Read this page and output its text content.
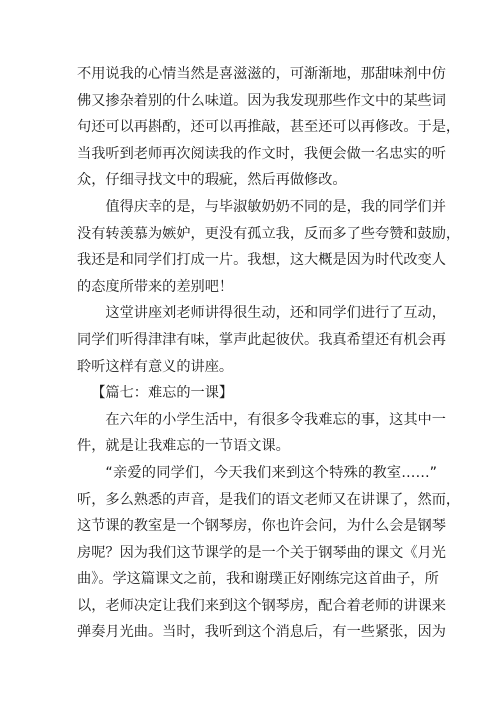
不用说我的心情当然是喜滋滋的，可渐渐地，那甜味剂中仿
佛又掺杂着别的什么味道。因为我发现那些作文中的某些词
句还可以再斟酌，还可以再推敲，甚至还可以再修改。于是，
当我听到老师再次阅读我的作文时，我便会做一名忠实的听
众，仔细寻找文中的瑕疵，然后再做修改。
值得庆幸的是，与毕淑敏奶奶不同的是，我的同学们并
没有转羡慕为嫉妒，更没有孤立我，反而多了些夸赞和鼓励，
我还是和同学们打成一片。我想，这大概是因为时代改变人
的态度所带来的差别吧！
这堂讲座刘老师讲得很生动，还和同学们进行了互动，
同学们听得津津有味，掌声此起彼伏。我真希望还有机会再
聆听这样有意义的讲座。
【篇七：难忘的一课】
在六年的小学生活中，有很多令我难忘的事，这其中一
件，就是让我难忘的一节语文课。
“亲爱的同学们，今天我们来到这个特殊的教室……”
听，多么熟悉的声音，是我们的语文老师又在讲课了，然而，
这节课的教室是一个钢琴房，你也许会问，为什么会是钢琴
房呢？因为我们这节课学的是一个关于钢琴曲的课文《月光
曲》。学这篇课文之前，我和谢璞正好刚练完这首曲子，所
以，老师决定让我们来到这个钢琴房，配合着老师的讲课来
弹奏月光曲。当时，我听到这个消息后，有一些紧张，因为
